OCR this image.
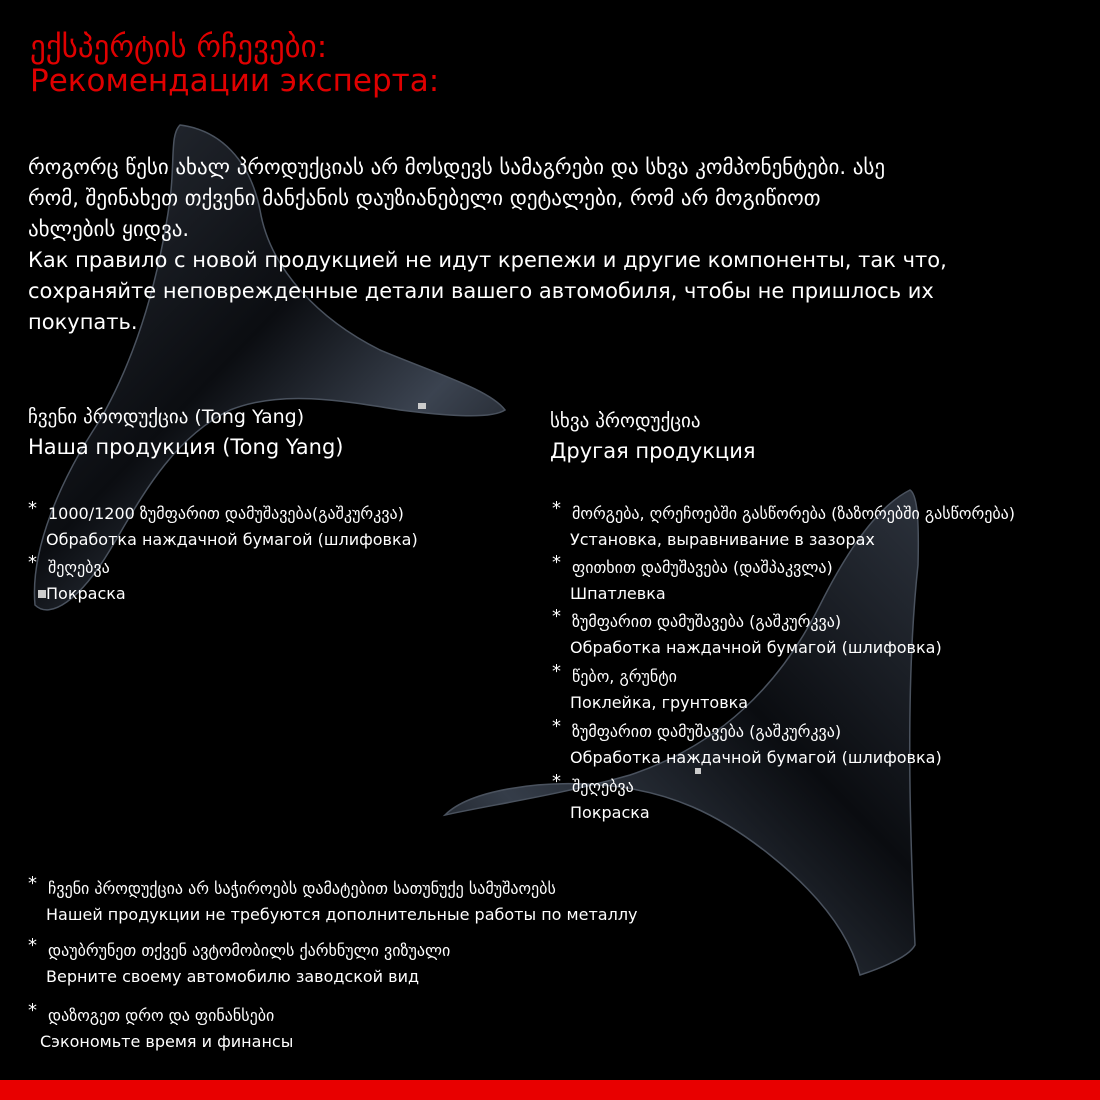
ექსპერტის რჩევები:
Рекомендации эксперта:
როგორც წესი ახალ პროდუქციას არ მოსდევს სამაგრები და სხვა კომპონენტები. ასე
რომ, შეინახეთ თქვენი მანქანის დაუზიანებელი დეტალები, რომ არ მოგიწიოთ
ახლების ყიდვა.
Как правило с новой продукцией не идут крепежи и другие компоненты, так что,
сохраняйте неповрежденные детали вашего автомобиля, чтобы не пришлось их
покупать.
ჩვენი პროდუქცია (Tong Yang)
Наша продукция (Tong Yang)
სხვა პროდუქცია
Другая продукция
* 1000/1200 ზუმფარით დამუშავება(გაშკურკვა)
Обработка наждачной бумагой (шлифовка)
* შეღებვა
Покраска
* მორგება, ღრეჩოებში გასწორება (ზაზორებში გასწორება)
Установка, выравнивание в зазорах
* ფითხით დამუშავება (დაშპაკვლა)
Шпатлевка
* ზუმფარით დამუშავება (გაშკურკვა)
Обработка наждачной бумагой (шлифовка)
* წებო, გრუნტი
Поклейка, грунтовка
* ზუმფარით დამუშავება (გაშკურკვა)
Обработка наждачной бумагой (шлифовка)
* შეღებვა
Покраска
* ჩვენი პროდუქცია არ საჭიროებს დამატებით სათუნუქე სამუშაოებს
Нашей продукции не требуются дополнительные работы по металлу
* დაუბრუნეთ თქვენ ავტომობილს ქარხნული ვიზუალი
Верните своему автомобилю заводской вид
* დაზოგეთ დრო და ფინანსები
Сэкономьте время и финансы
